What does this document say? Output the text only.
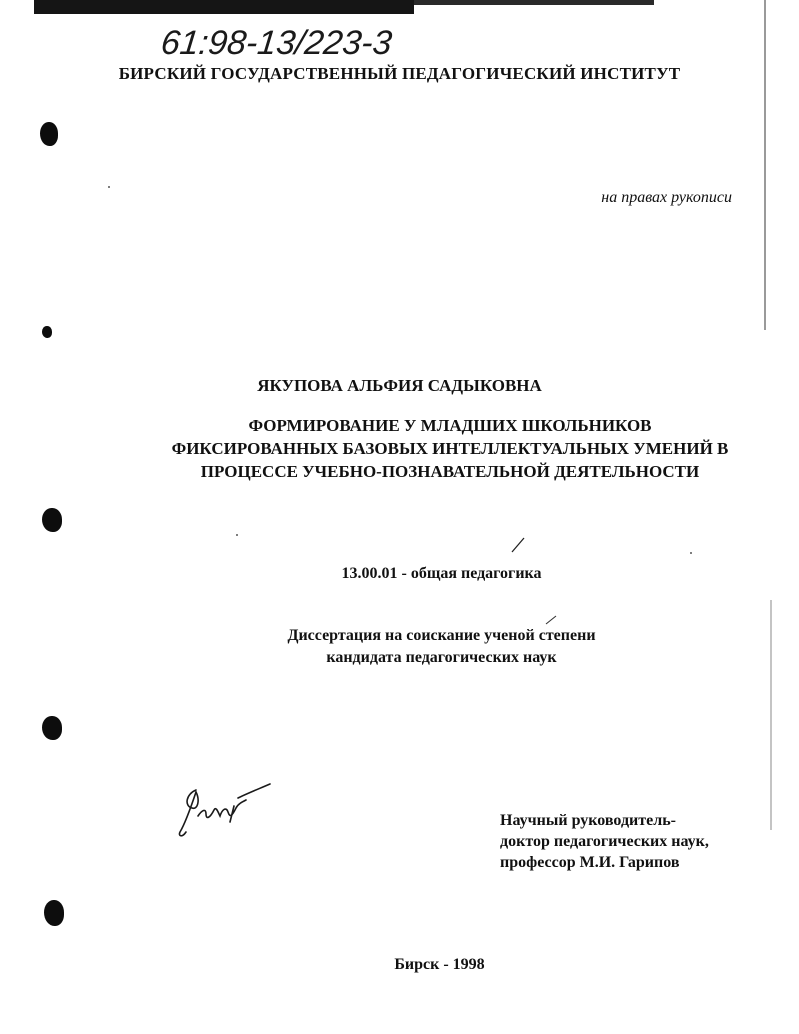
61:98-13/223-3
БИРСКИЙ ГОСУДАРСТВЕННЫЙ ПЕДАГОГИЧЕСКИЙ ИНСТИТУТ
на правах рукописи
ЯКУПОВА АЛЬФИЯ САДЫКОВНА
ФОРМИРОВАНИЕ У МЛАДШИХ ШКОЛЬНИКОВ
ФИКСИРОВАННЫХ БАЗОВЫХ ИНТЕЛЛЕКТУАЛЬНЫХ УМЕНИЙ В
ПРОЦЕССЕ УЧЕБНО-ПОЗНАВАТЕЛЬНОЙ ДЕЯТЕЛЬНОСТИ
13.00.01 - общая педагогика
Диссертация на соискание ученой степени
кандидата педагогических наук
Научный руководитель-
доктор педагогических наук,
профессор М.И. Гарипов
Бирск - 1998
